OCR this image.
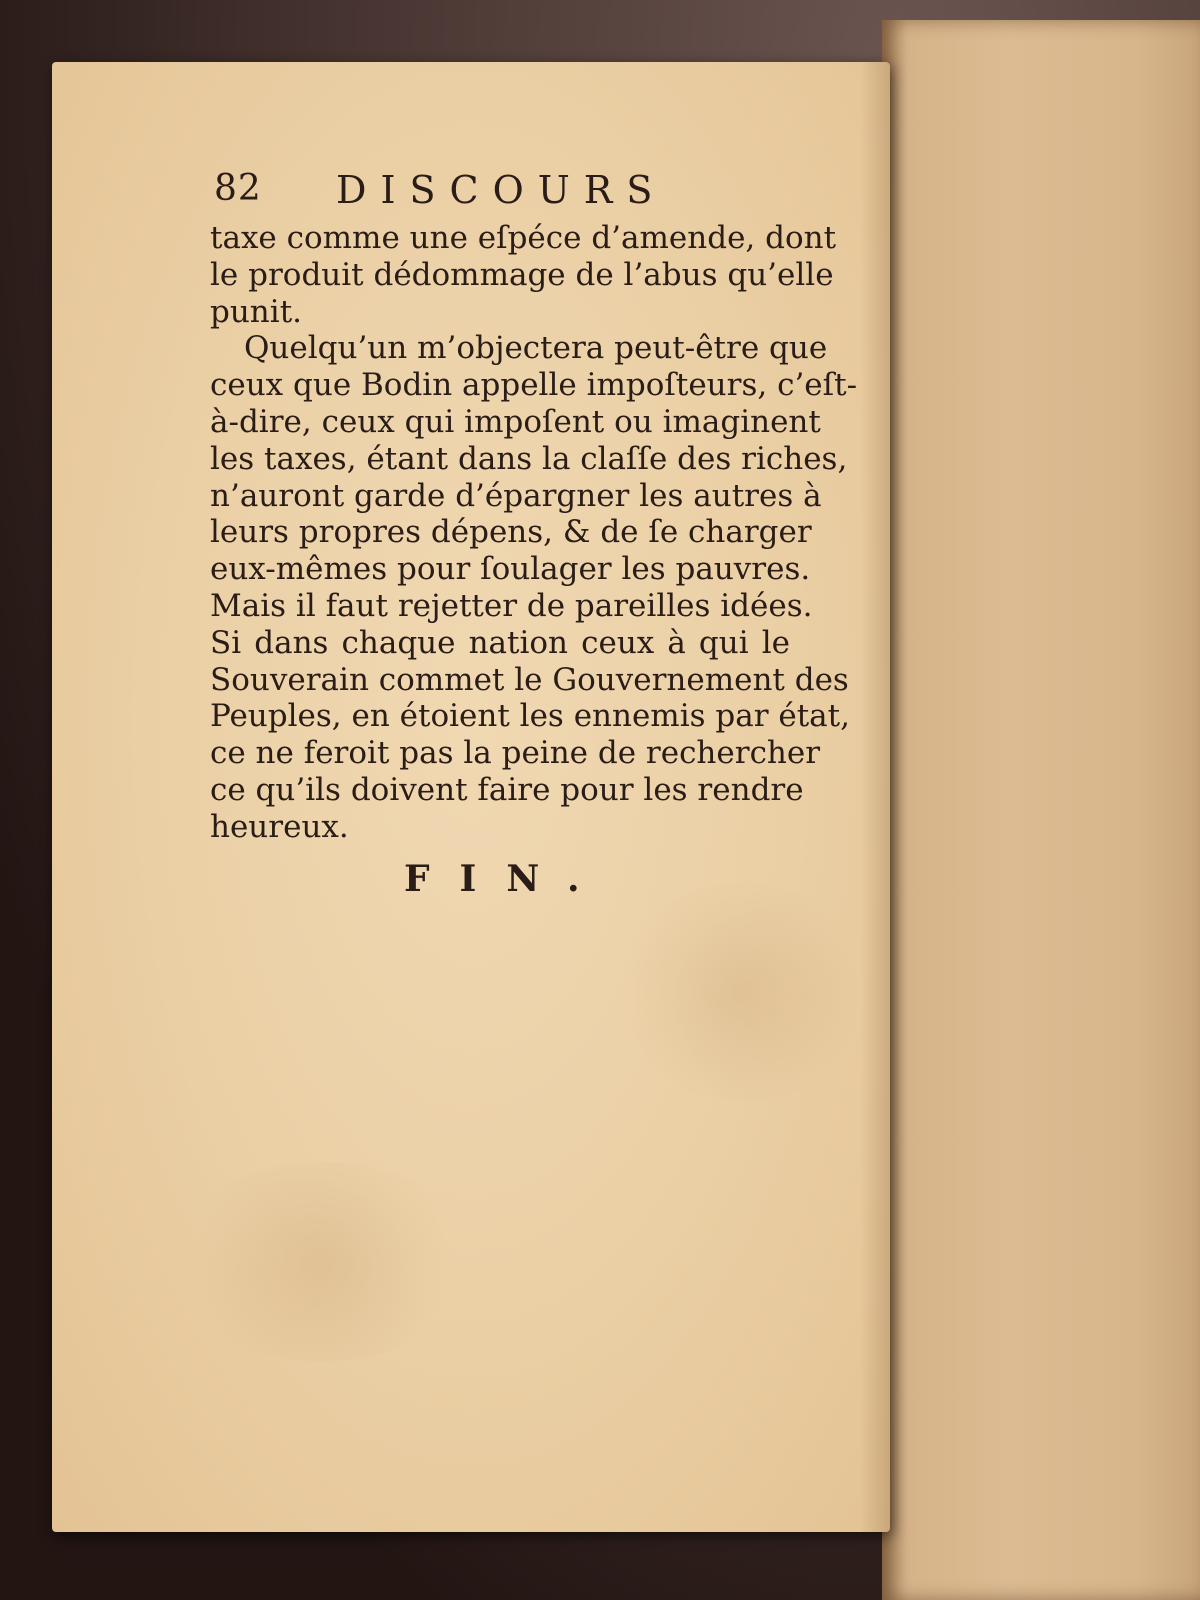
82 DISCOURS
taxe comme une eſpéce d’amende, dont
le produit dédommage de l’abus qu’elle
punit.
Quelqu’un m’objectera peut-être que
ceux que Bodin appelle impoſteurs, c’eſt-
à-dire, ceux qui impoſent ou imaginent
les taxes, étant dans la claſſe des riches,
n’auront garde d’épargner les autres à
leurs propres dépens, & de ſe charger
eux-mêmes pour ſoulager les pauvres.
Mais il faut rejetter de pareilles idées.
Si dans chaque nation ceux à qui le
Souverain commet le Gouvernement des
Peuples, en étoient les ennemis par état,
ce ne feroit pas la peine de rechercher
ce qu’ils doivent faire pour les rendre
heureux.
FIN.
